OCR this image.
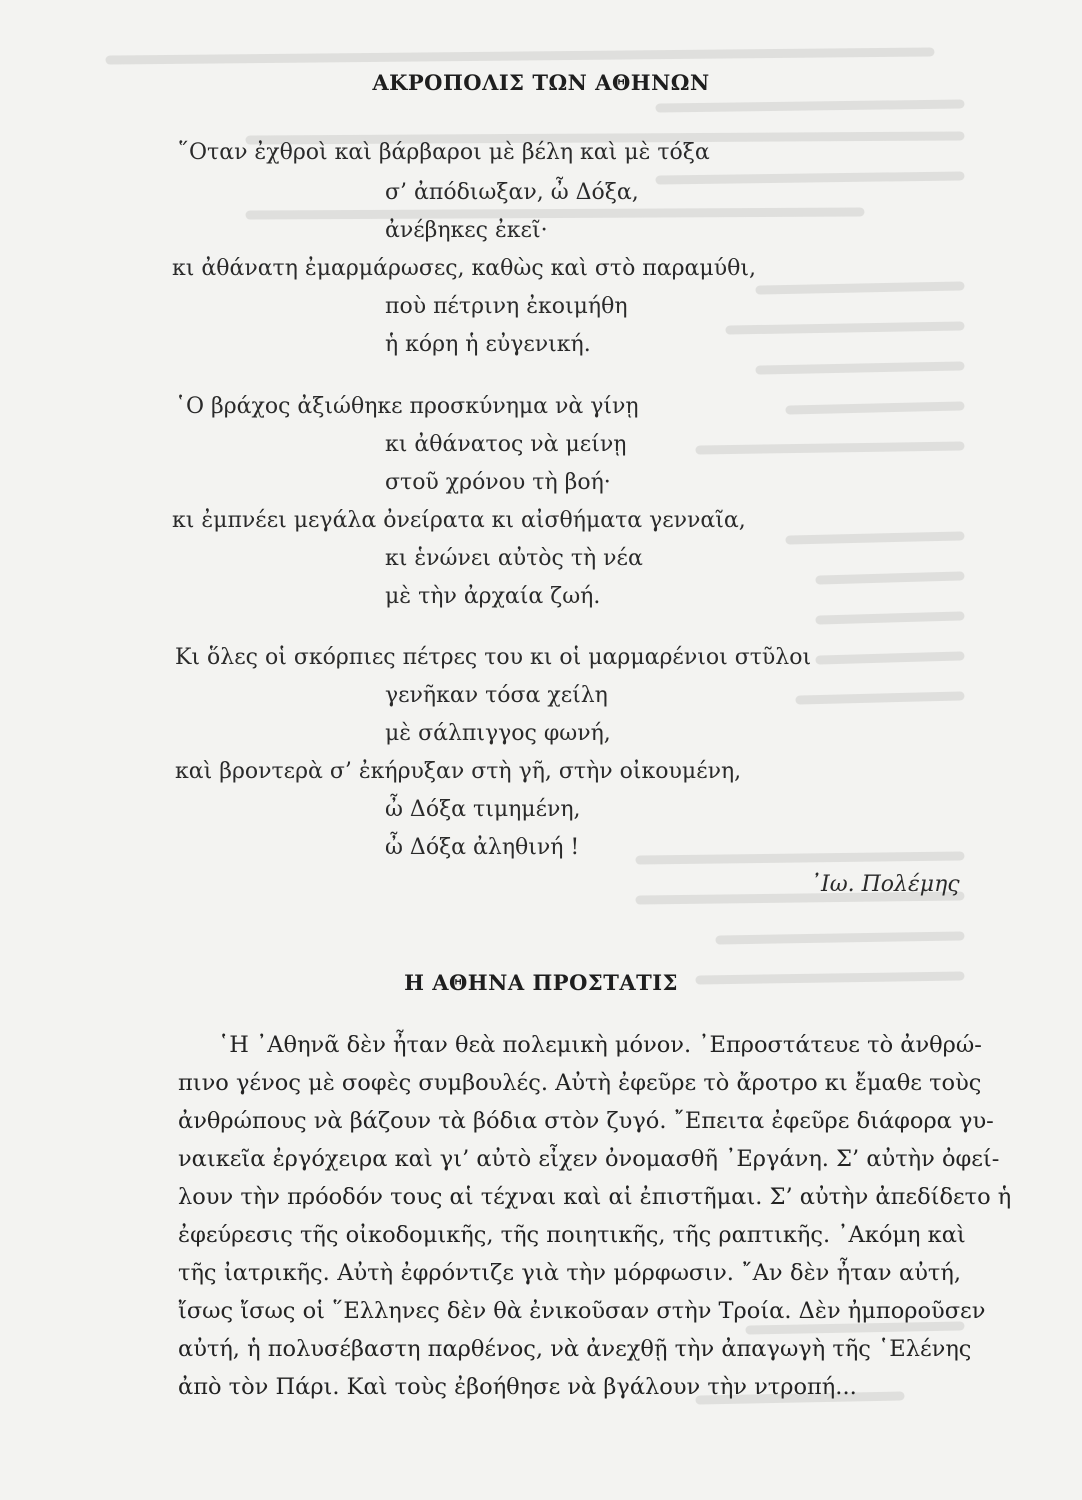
ΑΚΡΟΠΟΛΙΣ ΤΩΝ ΑΘΗΝΩΝ
῞Οταν ἐχθροὶ καὶ βάρβαροι μὲ βέλη καὶ μὲ τόξα
σ’ ἀπόδιωξαν, ὦ Δόξα,
ἀνέβηκες ἐκεῖ·
κι ἀθάνατη ἐμαρμάρωσες, καθὼς καὶ στὸ παραμύθι,
ποὺ πέτρινη ἐκοιμήθη
ἡ κόρη ἡ εὐγενική.
῾Ο βράχος ἀξιώθηκε προσκύνημα νὰ γίνῃ
κι ἀθάνατος νὰ μείνῃ
στοῦ χρόνου τὴ βοή·
κι ἐμπνέει μεγάλα ὀνείρατα κι αἰσθήματα γενναῖα,
κι ἑνώνει αὐτὸς τὴ νέα
μὲ τὴν ἀρχαία ζωή.
Κι ὅλες οἱ σκόρπιες πέτρες του κι οἱ μαρμαρένιοι στῦλοι
γενῆκαν τόσα χείλη
μὲ σάλπιγγος φωνή,
καὶ βροντερὰ σ’ ἐκήρυξαν στὴ γῆ, στὴν οἰκουμένη,
ὦ Δόξα τιμημένη,
ὦ Δόξα ἀληθινή !
᾿Ιω. Πολέμης
Η ΑΘΗΝΑ ΠΡΟΣΤΑΤΙΣ
῾Η ᾿Αθηνᾶ δὲν ἦταν θεὰ πολεμικὴ μόνον. ᾿Επροστάτευε τὸ ἀνθρώ-
πινο γένος μὲ σοφὲς συμβουλές. Αὐτὴ ἐφεῦρε τὸ ἄροτρο κι ἔμαθε τοὺς
ἀνθρώπους νὰ βάζουν τὰ βόδια στὸν ζυγό. ῎Επειτα ἐφεῦρε διάφορα γυ-
ναικεῖα ἐργόχειρα καὶ γι’ αὐτὸ εἶχεν ὀνομασθῆ ᾿Εργάνη. Σ’ αὐτὴν ὀφεί-
λουν τὴν πρόοδόν τους αἱ τέχναι καὶ αἱ ἐπιστῆμαι. Σ’ αὐτὴν ἀπεδίδετο ἡ
ἐφεύρεσις τῆς οἰκοδομικῆς, τῆς ποιητικῆς, τῆς ραπτικῆς. ᾿Ακόμη καὶ
τῆς ἰατρικῆς. Αὐτὴ ἐφρόντιζε γιὰ τὴν μόρφωσιν. ῎Αν δὲν ἦταν αὐτή,
ἴσως ἴσως οἱ ῞Ελληνες δὲν θὰ ἐνικοῦσαν στὴν Τροία. Δὲν ἠμποροῦσεν
αὐτή, ἡ πολυσέβαστη παρθένος, νὰ ἀνεχθῇ τὴν ἀπαγωγὴ τῆς ῾Ελένης
ἀπὸ τὸν Πάρι. Καὶ τοὺς ἐβοήθησε νὰ βγάλουν τὴν ντροπή...
